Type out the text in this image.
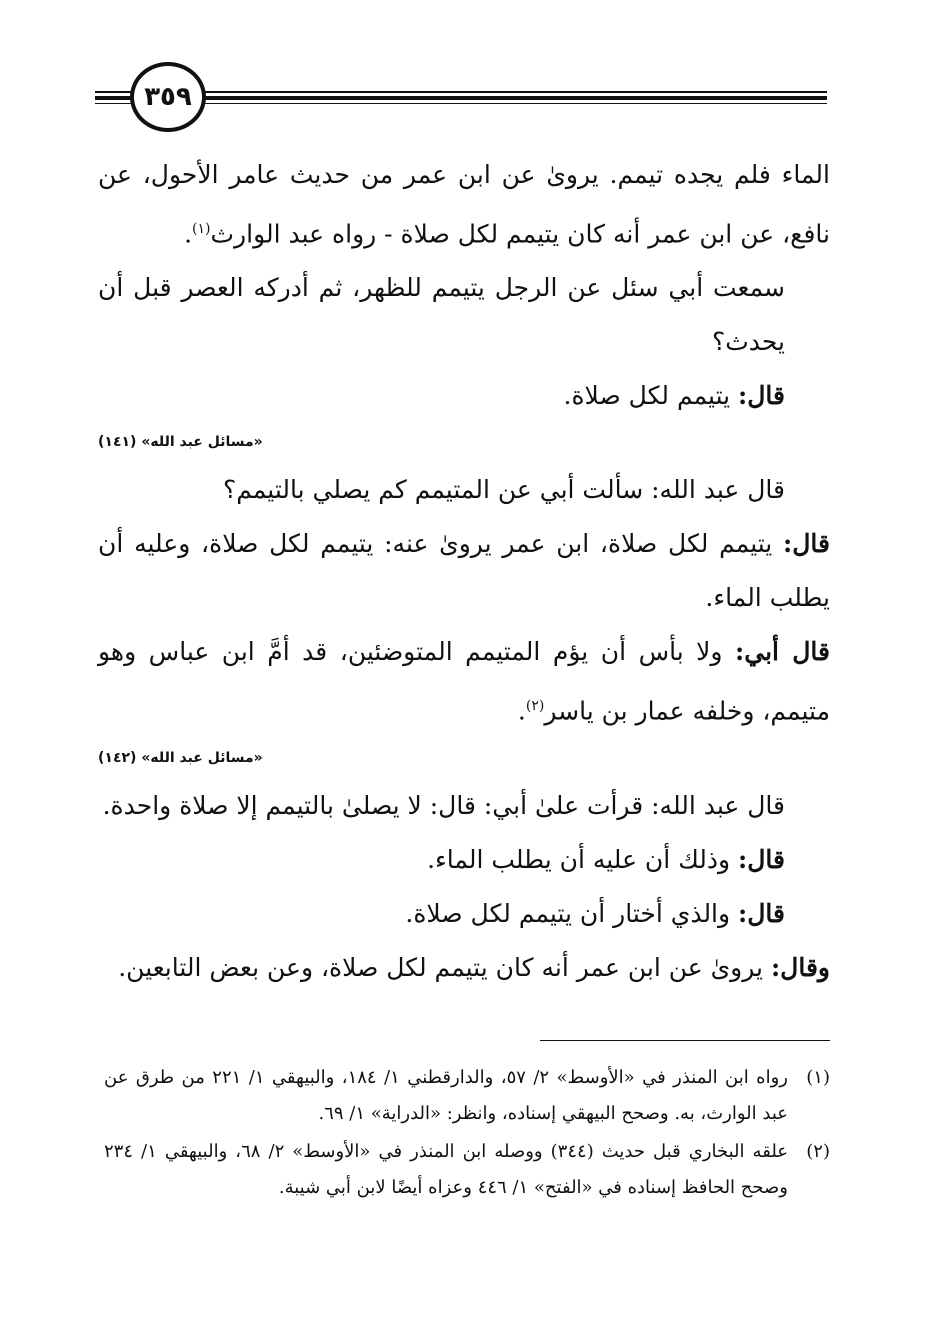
٣٥٩

الماء فلم يجده تيمم. يروىٰ عن ابن عمر من حديث عامر الأحول، عن نافع، عن ابن عمر أنه كان يتيمم لكل صلاة - رواه عبد الوارث$^{(١)}$.

سمعت أبي سئل عن الرجل يتيمم للظهر، ثم أدركه العصر قبل أن يحدث؟

قال: يتيمم لكل صلاة.

«مسائل عبد الله» (١٤١)

قال عبد الله: سألت أبي عن المتيمم كم يصلي بالتيمم؟

قال: يتيمم لكل صلاة، ابن عمر يروىٰ عنه: يتيمم لكل صلاة، وعليه أن يطلب الماء.

قال أبي: ولا بأس أن يؤم المتيمم المتوضئين، قد أمَّ ابن عباس وهو متيمم، وخلفه عمار بن ياسر$^{(٢)}$.

«مسائل عبد الله» (١٤٢)

قال عبد الله: قرأت علىٰ أبي: قال: لا يصلىٰ بالتيمم إلا صلاة واحدة.

قال: وذلك أن عليه أن يطلب الماء.

قال: والذي أختار أن يتيمم لكل صلاة.

وقال: يروىٰ عن ابن عمر أنه كان يتيمم لكل صلاة، وعن بعض التابعين.

(١)

رواه ابن المنذر في «الأوسط» ٢/ ٥٧، والدارقطني ١/ ١٨٤، والبيهقي ١/ ٢٢١ من طرق عن عبد الوارث، به. وصحح البيهقي إسناده، وانظر: «الدراية» ١/ ٦٩.

(٢)

علقه البخاري قبل حديث (٣٤٤) ووصله ابن المنذر في «الأوسط» ٢/ ٦٨، والبيهقي ١/ ٢٣٤ وصحح الحافظ إسناده في «الفتح» ١/ ٤٤٦ وعزاه أيضًا لابن أبي شيبة.
